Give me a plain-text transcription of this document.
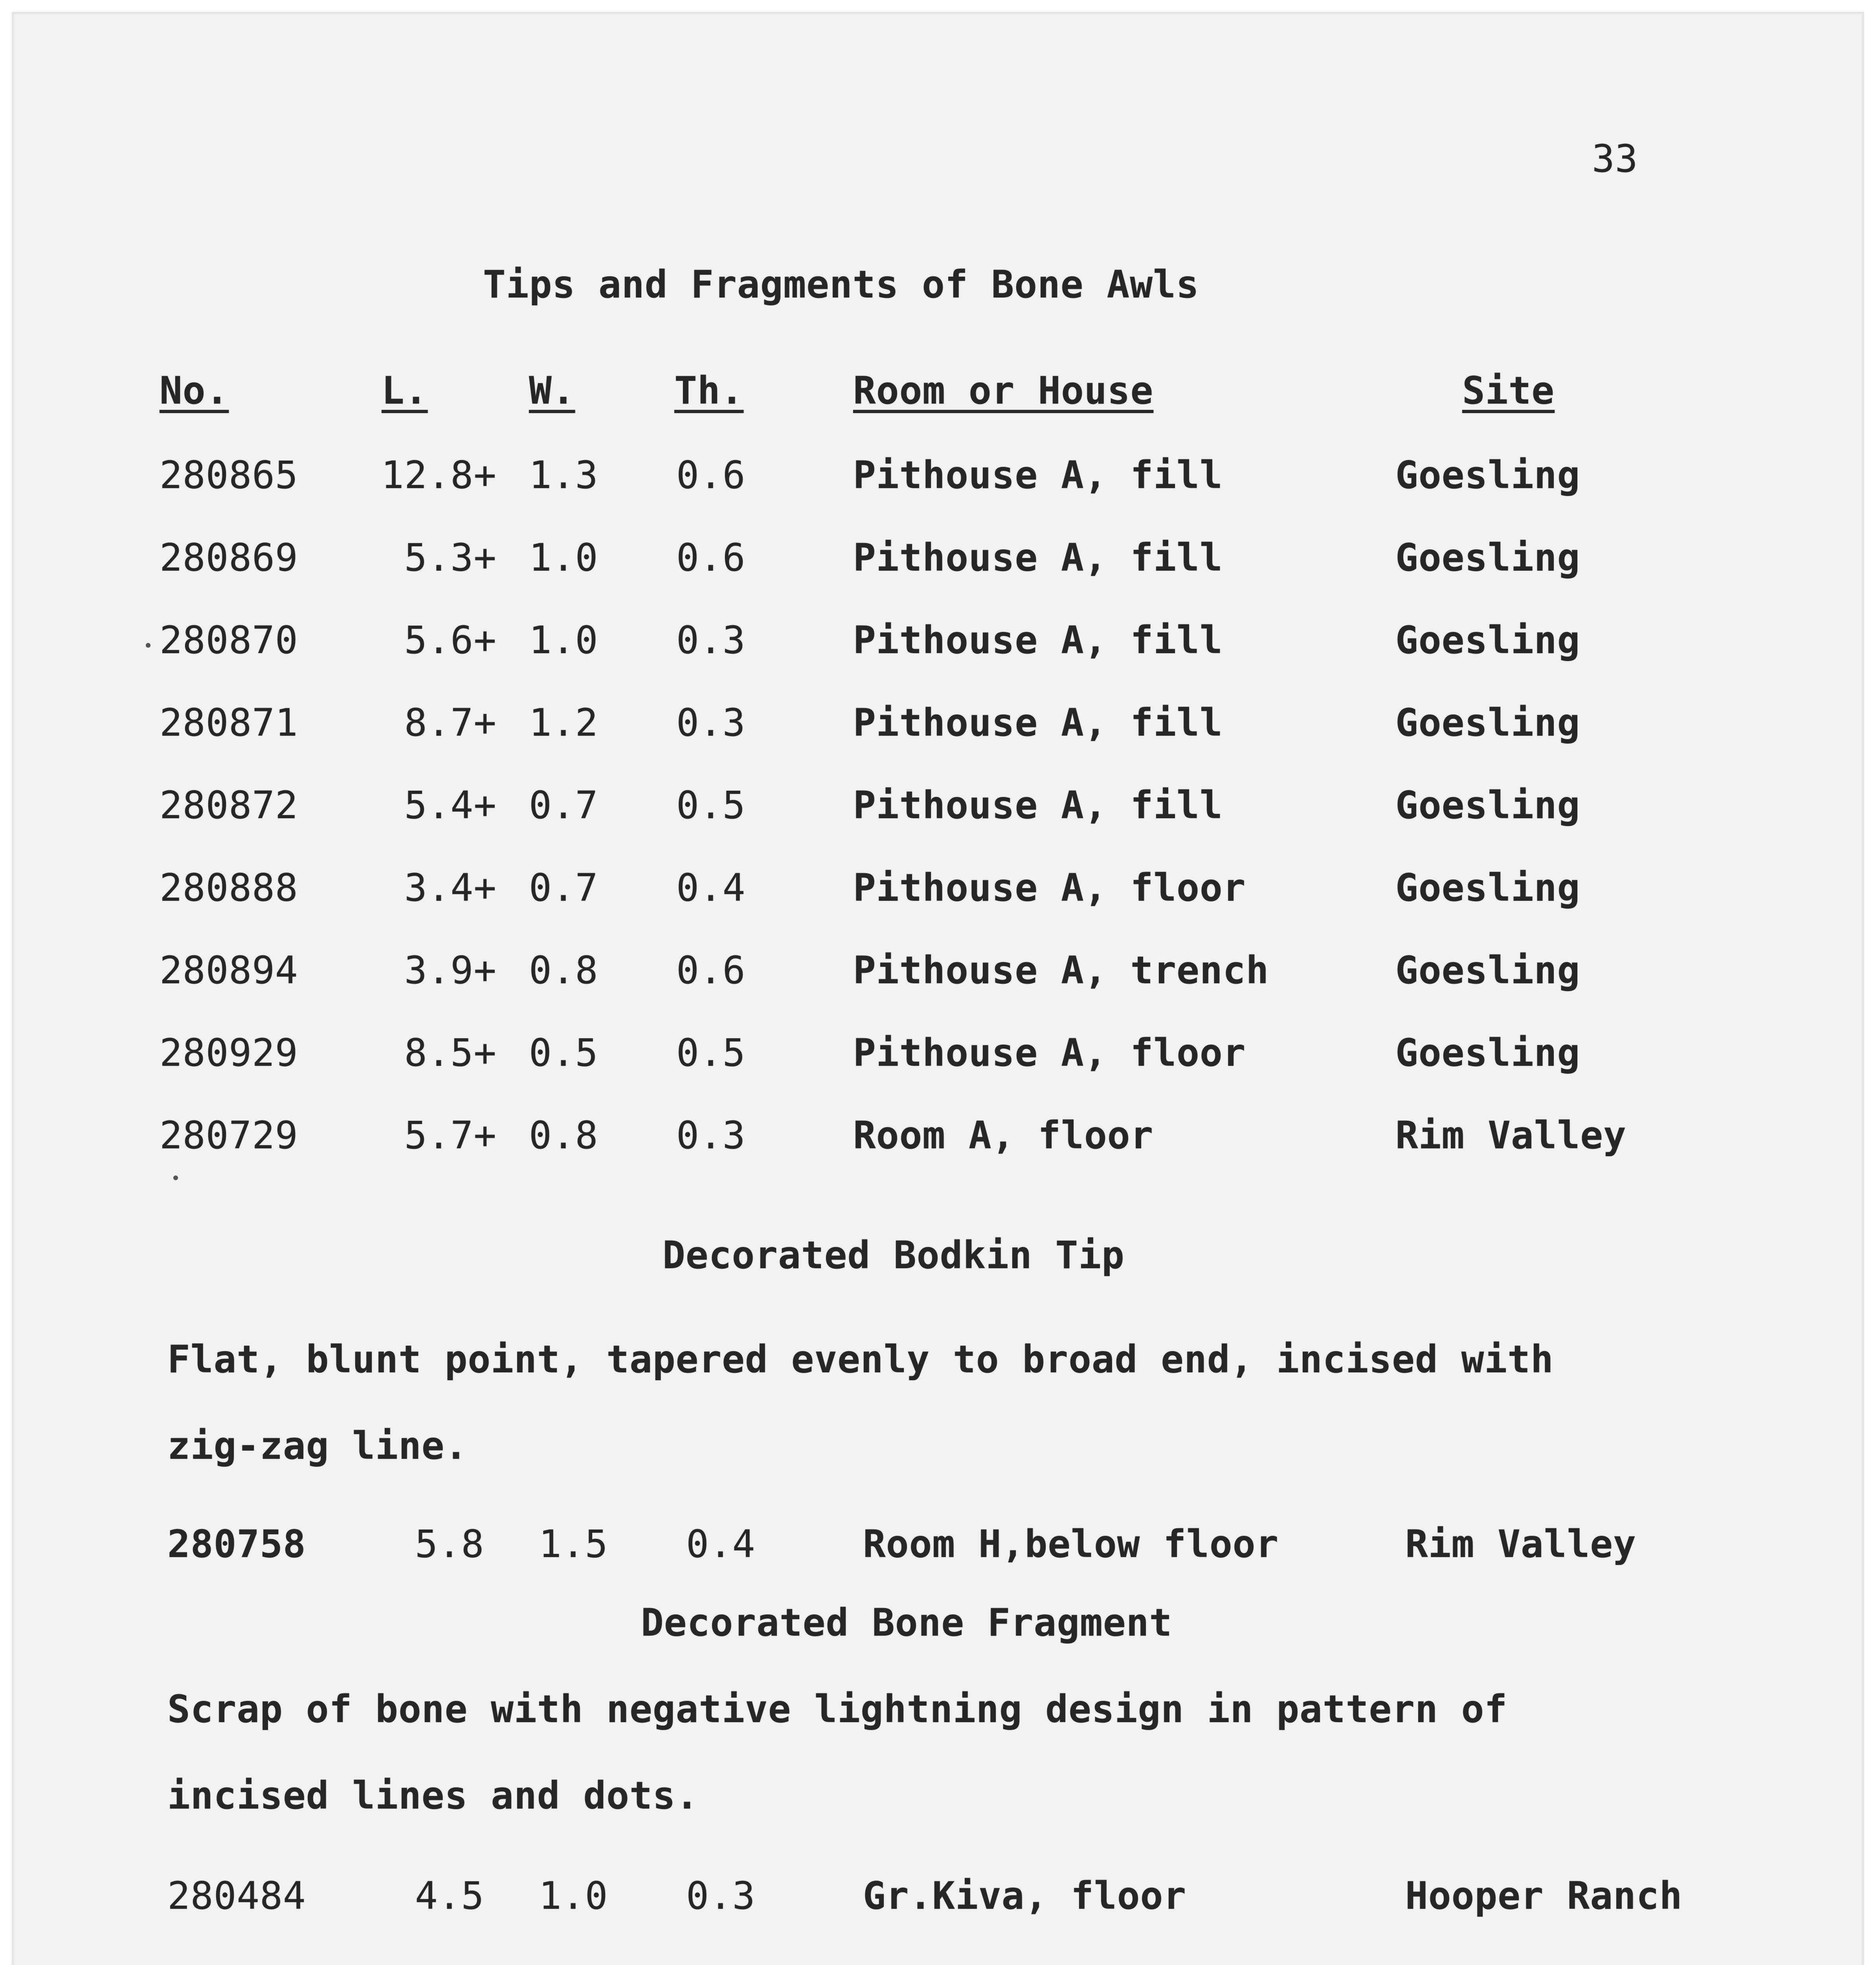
33
Tips and Fragments of Bone Awls
No.	L.	W.	Th.	Room or House	Site
280865 12.8+ 1.3 0.6	Pithouse A, fill	Goesling
280869	5.3+ 1.0 0.6	Pithouse A, fill	Goesling
280870	5.6+ 1.0 0.3	Pithouse A, fill	Goesling
280871	8.7+ 1.2 0.3	Pithouse A, fill	Goesling
280872	5.4+ 0.7 0.5	Pithouse A, fill	Goesling
280888	3.4+ 0.7 0.4	Pithouse A, floor	Goesling
280894	3.9+ 0.8 0.6	Pithouse A, trench	Goesling
280929	8.5+ 0.5 0.5	Pithouse A, floor	Goesling
280729	5.7+ 0.8 0.3	Room A, floor	Rim Valley
Decorated Bodkin Tip
Flat, blunt point, tapered evenly to broad end, incised with
zig-zag line.
280758	5.8 1.5 0.4	Room H,below floor	Rim Valley
Decorated Bone Fragment
Scrap of bone with negative lightning design in pattern of
incised lines and dots.
280484	4.5 1.0 0.3	Gr.Kiva, floor	Hooper Ranch
